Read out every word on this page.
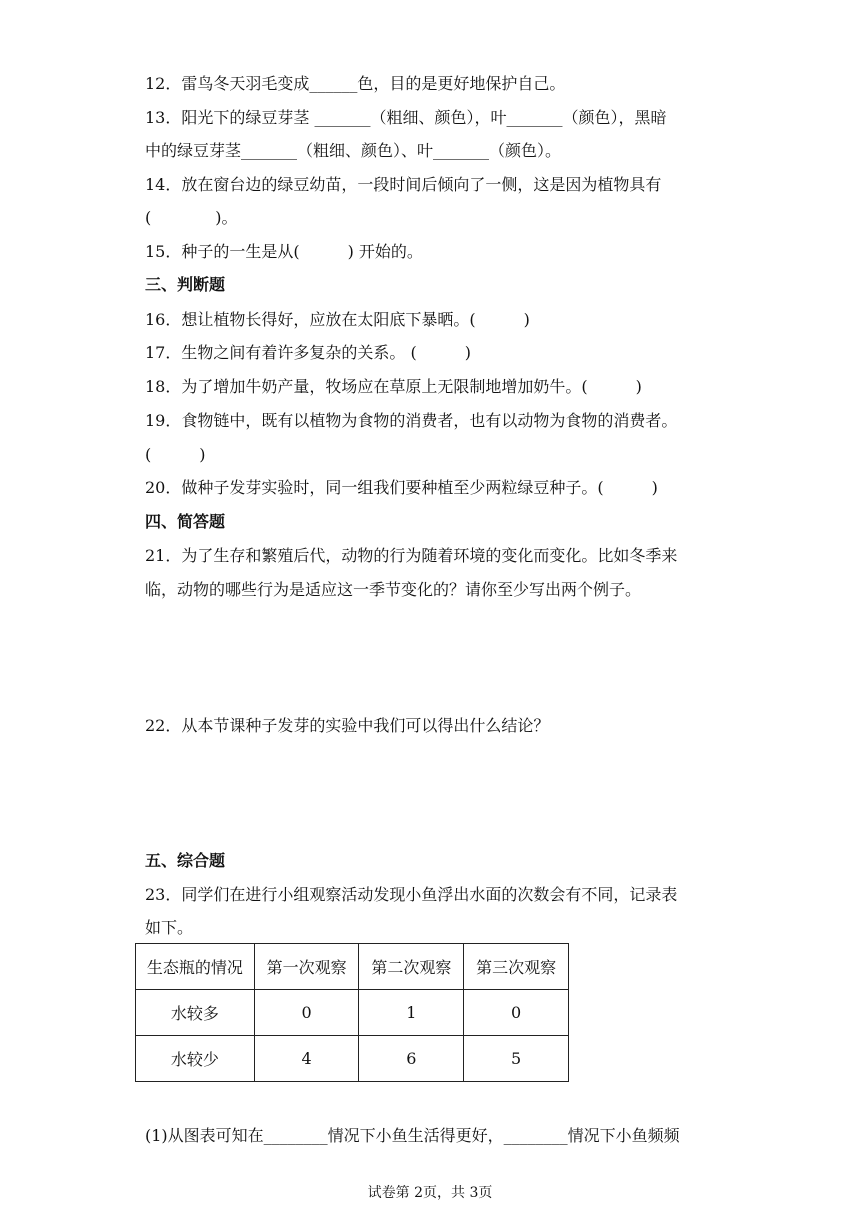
12．雷鸟冬天羽毛变成______色，目的是更好地保护自己。
13．阳光下的绿豆芽茎 _______（粗细、颜色），叶_______（颜色），黑暗
中的绿豆芽茎_______（粗细、颜色）、叶_______（颜色）。
14．放在窗台边的绿豆幼苗，一段时间后倾向了一侧，这是因为植物具有
(　　　　)。
15．种子的一生是从(　　　) 开始的。
三、判断题
16．想让植物长得好，应放在太阳底下暴晒。(　　　)
17．生物之间有着许多复杂的关系。 (　　　)
18．为了增加牛奶产量，牧场应在草原上无限制地增加奶牛。(　　　)
19．食物链中，既有以植物为食物的消费者，也有以动物为食物的消费者。
(　　　)
20．做种子发芽实验时，同一组我们要种植至少两粒绿豆种子。(　　　)
四、简答题
21．为了生存和繁殖后代，动物的行为随着环境的变化而变化。比如冬季来
临，动物的哪些行为是适应这一季节变化的？请你至少写出两个例子。
22．从本节课种子发芽的实验中我们可以得出什么结论？
五、综合题
23．同学们在进行小组观察活动发现小鱼浮出水面的次数会有不同，记录表
如下。
生态瓶的情况	第一次观察	第二次观察	第三次观察
水较多	0	1	0
水较少	4	6	5
(1)从图表可知在________情况下小鱼生活得更好，________情况下小鱼频频
试卷第 2页，共 3页
